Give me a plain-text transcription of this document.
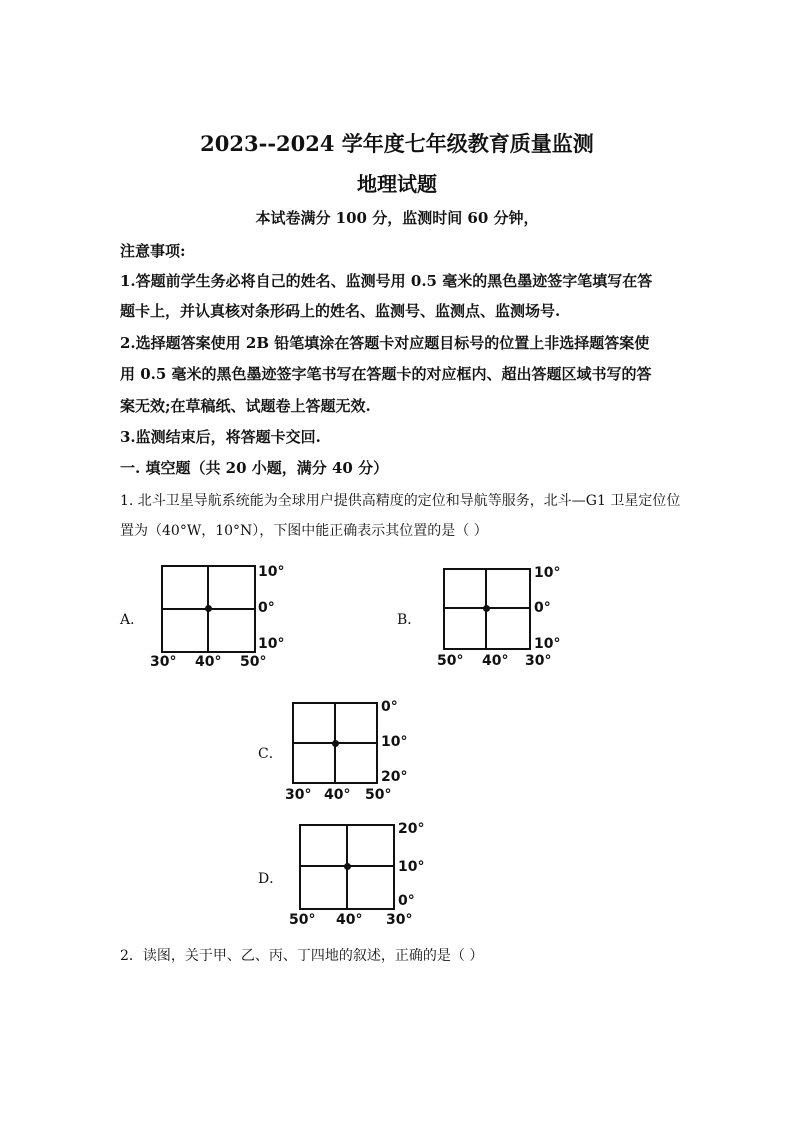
2023--2024 学年度七年级教育质量监测
地理试题
本试卷满分 100 分，监测时间 60 分钟，
注意事项:
1.答题前学生务必将自己的姓名、监测号用 0.5 毫米的黑色墨迹签字笔填写在答
题卡上，并认真核对条形码上的姓名、监测号、监测点、监测场号.
2.选择题答案使用 2B 铅笔填涂在答题卡对应题目标号的位置上非选择题答案使
用 0.5 毫米的黑色墨迹签字笔书写在答题卡的对应框内、超出答题区域书写的答
案无效;在草稿纸、试题卷上答题无效.
3.监测结束后，将答题卡交回.
一. 填空题（共 20 小题，满分 40 分）
1. 北斗卫星导航系统能为全球用户提供高精度的定位和导航等服务，北斗—G1 卫星定位位
置为（40°W，10°N），下图中能正确表示其位置的是（ ）
A．
10°
0°
10°
30° 40° 50°
B．
10°
0°
10°
50° 40° 30°
C．
0°
10°
20°
30° 40° 50°
D．
20°
10°
0°
50° 40° 30°
2．读图，关于甲、乙、丙、丁四地的叙述，正确的是（ ）
